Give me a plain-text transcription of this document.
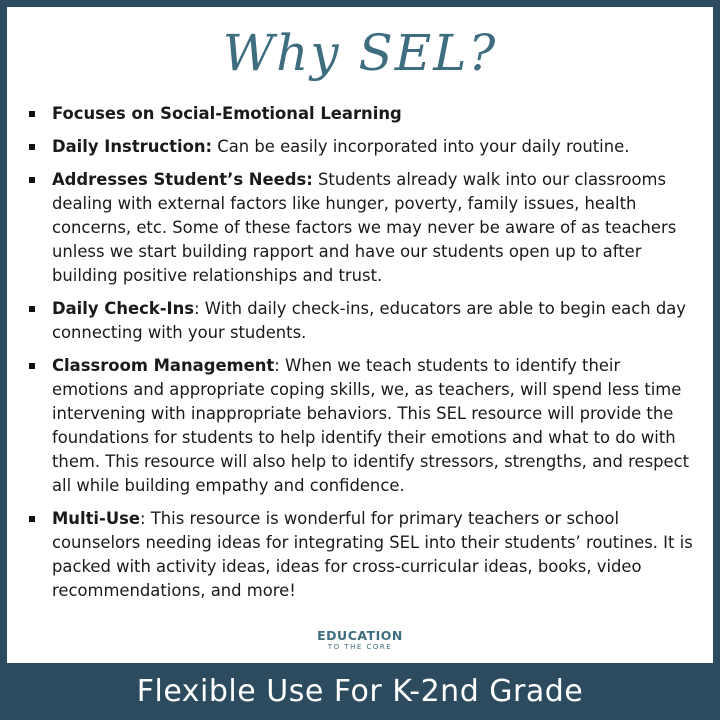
Why SEL?
Focuses on Social-Emotional Learning
Daily Instruction: Can be easily incorporated into your daily routine.
Addresses Student’s Needs: Students already walk into our classrooms dealing with external factors like hunger, poverty, family issues, health concerns, etc. Some of these factors we may never be aware of as teachers unless we start building rapport and have our students open up to after building positive relationships and trust.
Daily Check-Ins: With daily check-ins, educators are able to begin each day connecting with your students.
Classroom Management: When we teach students to identify their emotions and appropriate coping skills, we, as teachers, will spend less time intervening with inappropriate behaviors. This SEL resource will provide the foundations for students to help identify their emotions and what to do with them. This resource will also help to identify stressors, strengths, and respect all while building empathy and confidence.
Multi-Use: This resource is wonderful for primary teachers or school counselors needing ideas for integrating SEL into their students’ routines. It is packed with activity ideas, ideas for cross-curricular ideas, books, video recommendations, and more!
EDUCATION
TO THE CORE
Flexible Use For K-2nd Grade
